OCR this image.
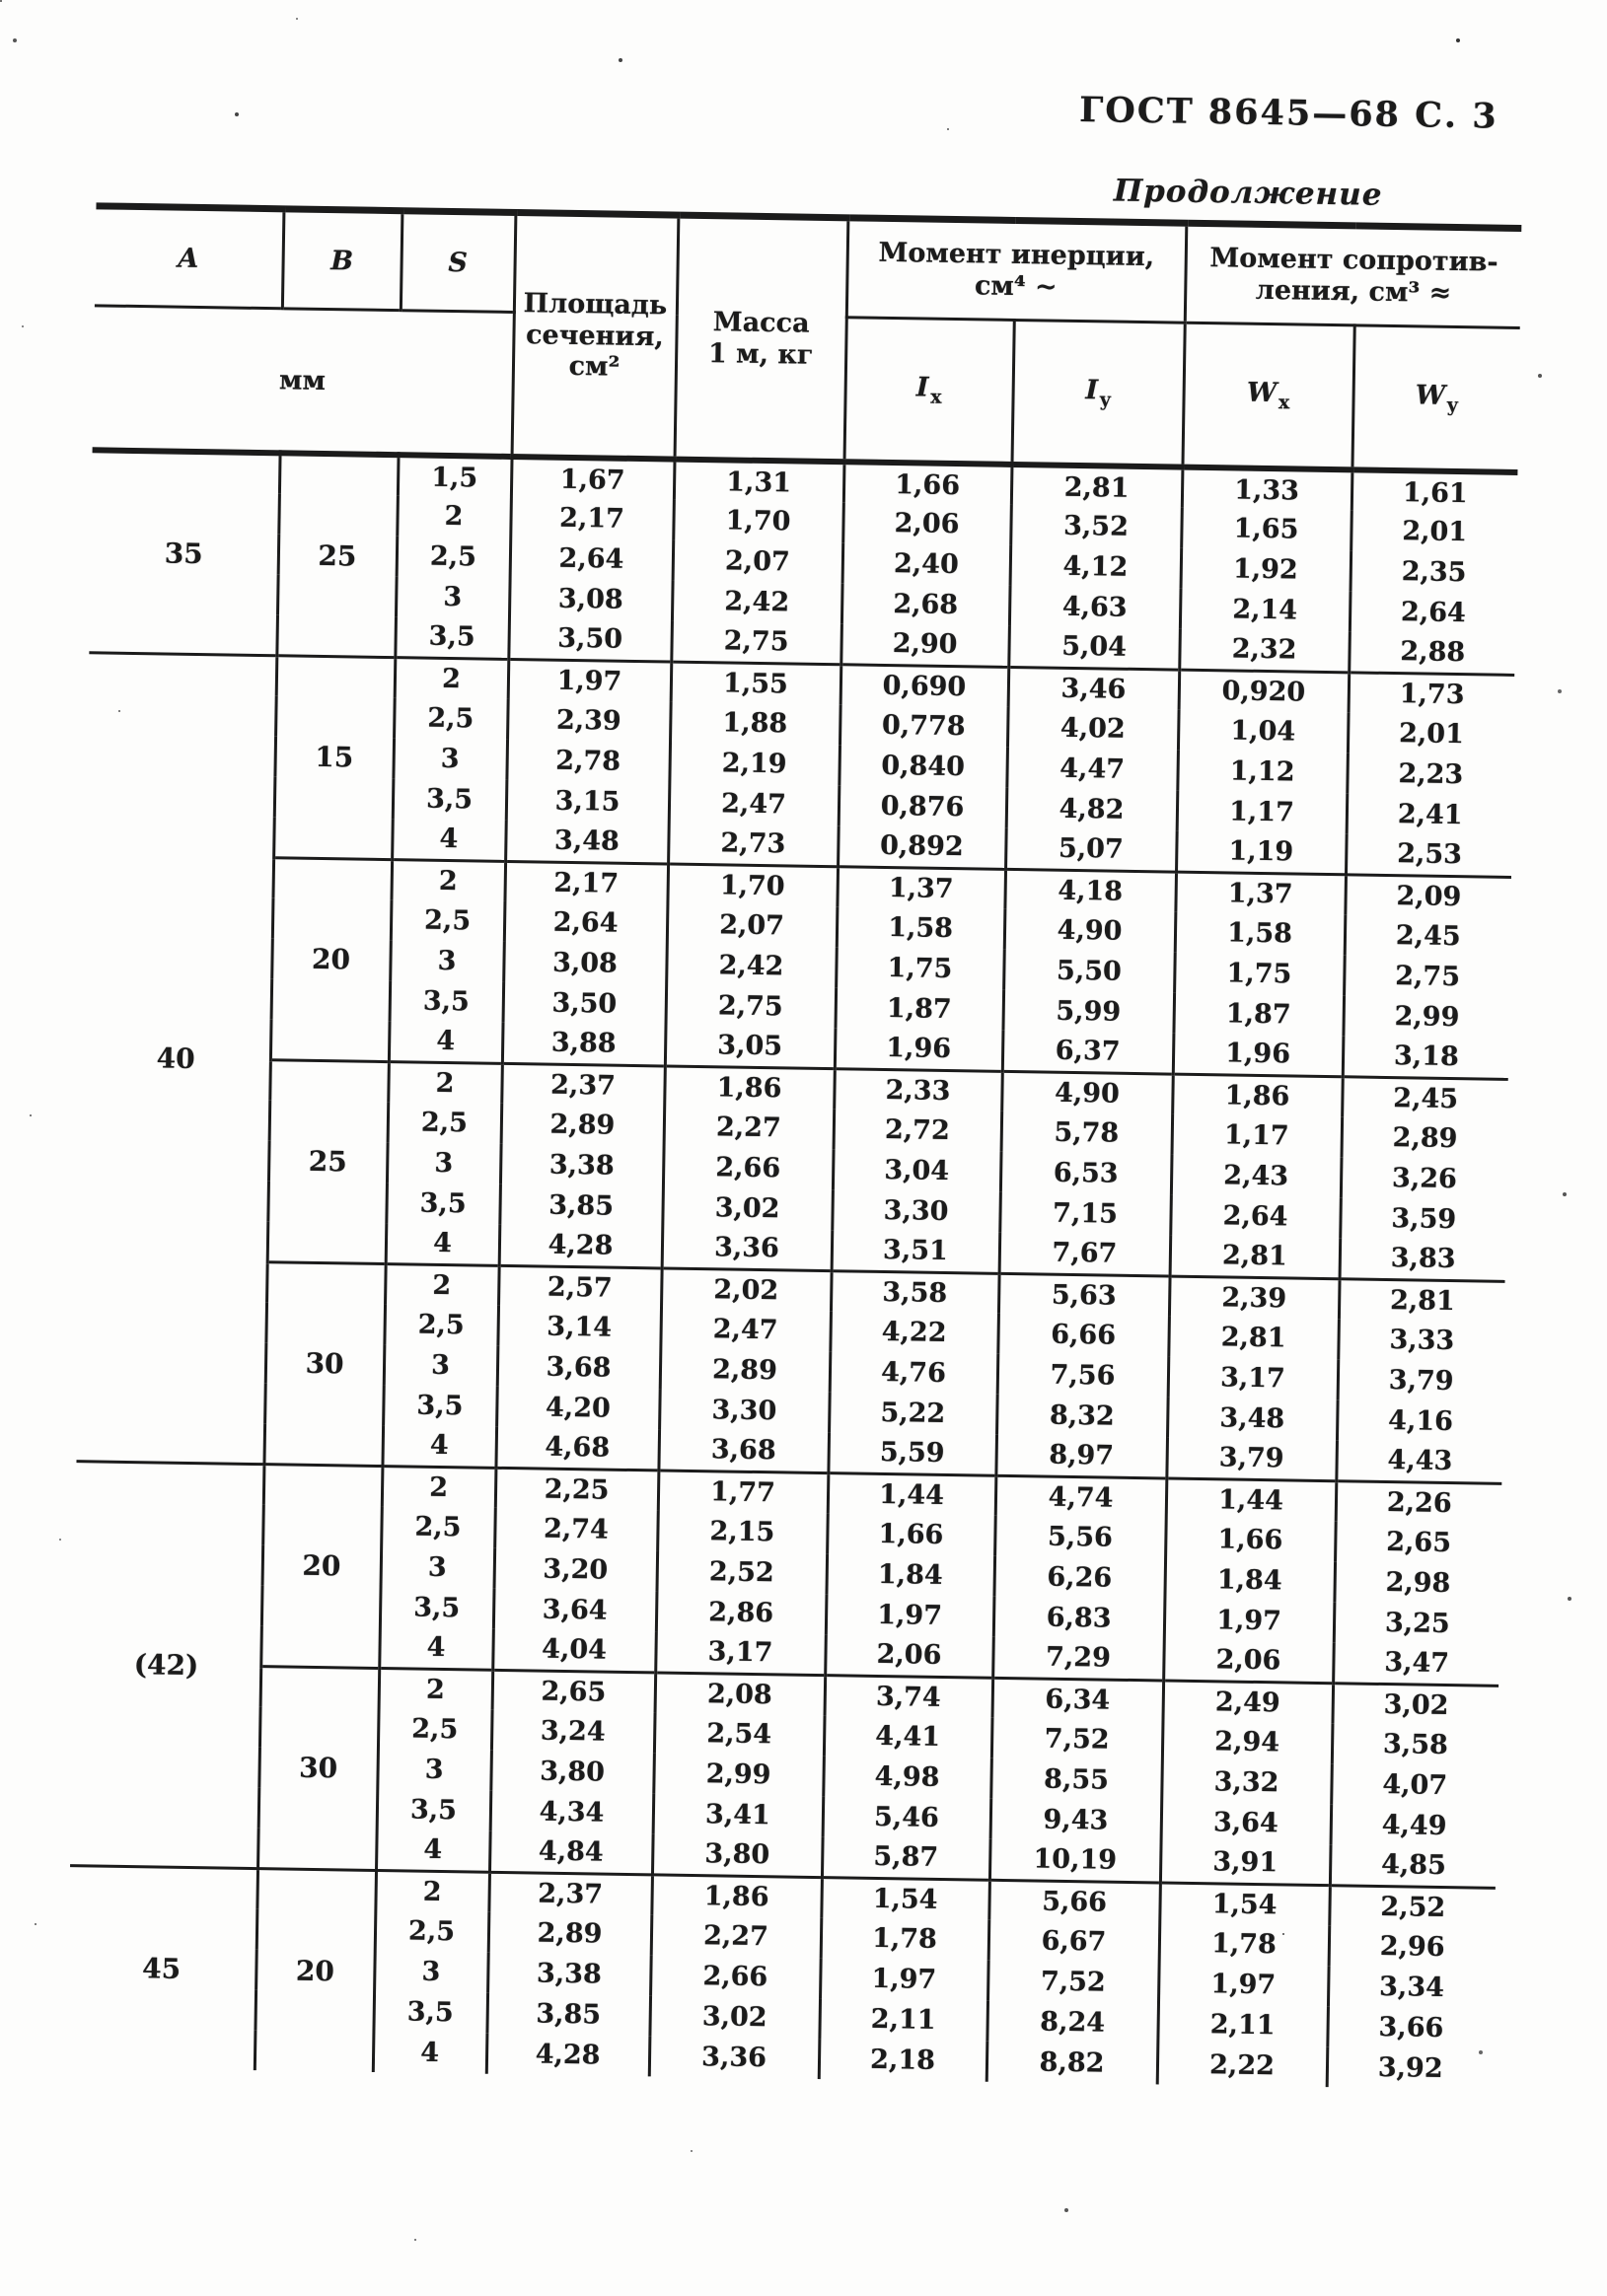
ГОСТ 8645—68 С. 3
Продолжение
A	B	S	Площадь
сечения,
см²	Масса
1 м, кг	Момент инерции,
см⁴ ~		Момент сопротив-
ления, см³ ≈	
мм					$I_x$	$I_y$	$W_x$	$W_y$
35	25	1,5	1,67	1,31	1,66	2,81	1,33	1,61
		2	2,17	1,70	2,06	3,52	1,65	2,01
		2,5	2,64	2,07	2,40	4,12	1,92	2,35
		3	3,08	2,42	2,68	4,63	2,14	2,64
		3,5	3,50	2,75	2,90	5,04	2,32	2,88
40	15	2	1,97	1,55	0,690	3,46	0,920	1,73
		2,5	2,39	1,88	0,778	4,02	1,04	2,01
		3	2,78	2,19	0,840	4,47	1,12	2,23
		3,5	3,15	2,47	0,876	4,82	1,17	2,41
		4	3,48	2,73	0,892	5,07	1,19	2,53
	20	2	2,17	1,70	1,37	4,18	1,37	2,09
		2,5	2,64	2,07	1,58	4,90	1,58	2,45
		3	3,08	2,42	1,75	5,50	1,75	2,75
		3,5	3,50	2,75	1,87	5,99	1,87	2,99
		4	3,88	3,05	1,96	6,37	1,96	3,18
	25	2	2,37	1,86	2,33	4,90	1,86	2,45
		2,5	2,89	2,27	2,72	5,78	1,17	2,89
		3	3,38	2,66	3,04	6,53	2,43	3,26
		3,5	3,85	3,02	3,30	7,15	2,64	3,59
		4	4,28	3,36	3,51	7,67	2,81	3,83
	30	2	2,57	2,02	3,58	5,63	2,39	2,81
		2,5	3,14	2,47	4,22	6,66	2,81	3,33
		3	3,68	2,89	4,76	7,56	3,17	3,79
		3,5	4,20	3,30	5,22	8,32	3,48	4,16
		4	4,68	3,68	5,59	8,97	3,79	4,43
(42)	20	2	2,25	1,77	1,44	4,74	1,44	2,26
		2,5	2,74	2,15	1,66	5,56	1,66	2,65
		3	3,20	2,52	1,84	6,26	1,84	2,98
		3,5	3,64	2,86	1,97	6,83	1,97	3,25
		4	4,04	3,17	2,06	7,29	2,06	3,47
	30	2	2,65	2,08	3,74	6,34	2,49	3,02
		2,5	3,24	2,54	4,41	7,52	2,94	3,58
		3	3,80	2,99	4,98	8,55	3,32	4,07
		3,5	4,34	3,41	5,46	9,43	3,64	4,49
		4	4,84	3,80	5,87	10,19	3,91	4,85
45	20	2	2,37	1,86	1,54	5,66	1,54	2,52
		2,5	2,89	2,27	1,78	6,67	1,78	2,96
		3	3,38	2,66	1,97	7,52	1,97	3,34
		3,5	3,85	3,02	2,11	8,24	2,11	3,66
		4	4,28	3,36	2,18	8,82	2,22	3,92
